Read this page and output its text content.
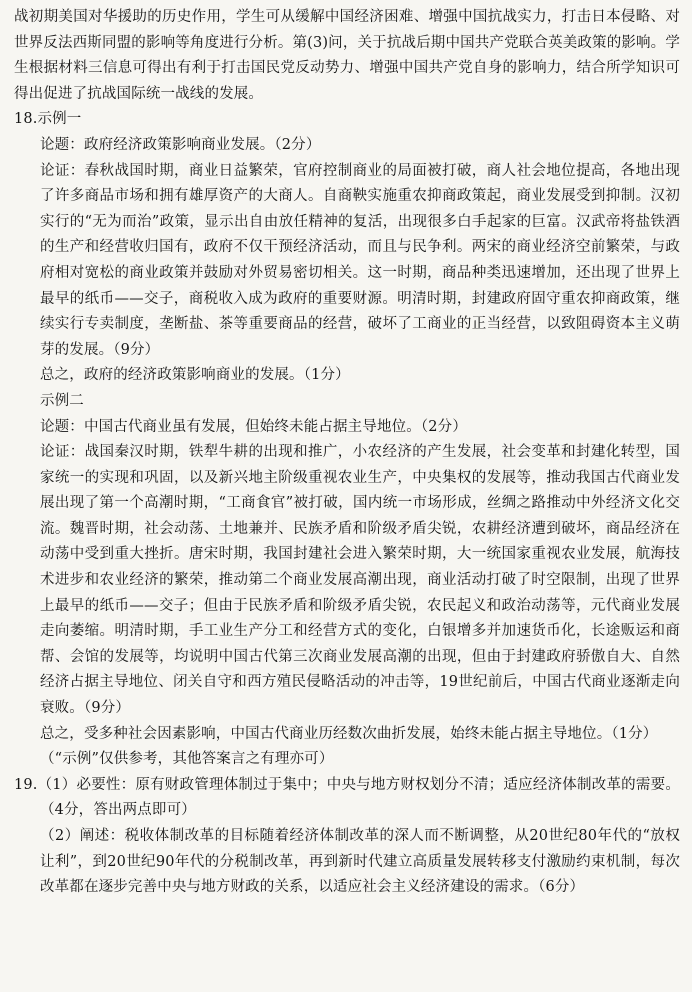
战初期美国对华援助的历史作用，学生可从缓解中国经济困难、增强中国抗战实力，打击日本侵略、对世界反法西斯同盟的影响等角度进行分析。第(3)问，关于抗战后期中国共产党联合英美政策的影响。学生根据材料三信息可得出有利于打击国民党反动势力、增强中国共产党自身的影响力，结合所学知识可得出促进了抗战国际统一战线的发展。

18.示例一

论题：政府经济政策影响商业发展。（2分）

论证：春秋战国时期，商业日益繁荣，官府控制商业的局面被打破，商人社会地位提高，各地出现了许多商品市场和拥有雄厚资产的大商人。自商鞅实施重农抑商政策起，商业发展受到抑制。汉初实行的“无为而治”政策，显示出自由放任精神的复活，出现很多白手起家的巨富。汉武帝将盐铁酒的生产和经营收归国有，政府不仅干预经济活动，而且与民争利。两宋的商业经济空前繁荣，与政府相对宽松的商业政策并鼓励对外贸易密切相关。这一时期，商品种类迅速增加，还出现了世界上最早的纸币——交子，商税收入成为政府的重要财源。明清时期，封建政府固守重农抑商政策，继续实行专卖制度，垄断盐、茶等重要商品的经营，破坏了工商业的正当经营，以致阻碍资本主义萌芽的发展。（9分）

总之，政府的经济政策影响商业的发展。（1分）

示例二

论题：中国古代商业虽有发展，但始终未能占据主导地位。（2分）

论证：战国秦汉时期，铁犁牛耕的出现和推广，小农经济的产生发展，社会变革和封建化转型，国家统一的实现和巩固，以及新兴地主阶级重视农业生产，中央集权的发展等，推动我国古代商业发展出现了第一个高潮时期，“工商食官”被打破，国内统一市场形成，丝绸之路推动中外经济文化交流。魏晋时期，社会动荡、土地兼并、民族矛盾和阶级矛盾尖锐，农耕经济遭到破坏，商品经济在动荡中受到重大挫折。唐宋时期，我国封建社会进入繁荣时期，大一统国家重视农业发展，航海技术进步和农业经济的繁荣，推动第二个商业发展高潮出现，商业活动打破了时空限制，出现了世界上最早的纸币——交子；但由于民族矛盾和阶级矛盾尖锐，农民起义和政治动荡等，元代商业发展走向萎缩。明清时期，手工业生产分工和经营方式的变化，白银增多并加速货币化，长途贩运和商帮、会馆的发展等，均说明中国古代第三次商业发展高潮的出现，但由于封建政府骄傲自大、自然经济占据主导地位、闭关自守和西方殖民侵略活动的冲击等，19世纪前后，中国古代商业逐渐走向衰败。（9分）

总之，受多种社会因素影响，中国古代商业历经数次曲折发展，始终未能占据主导地位。（1分）

（“示例”仅供参考，其他答案言之有理亦可）

19.（1）必要性：原有财政管理体制过于集中；中央与地方财权划分不清；适应经济体制改革的需要。（4分，答出两点即可）

（2）阐述：税收体制改革的目标随着经济体制改革的深人而不断调整，从20世纪80年代的“放权让利”，到20世纪90年代的分税制改革，再到新时代建立高质量发展转移支付激励约束机制，每次改革都在逐步完善中央与地方财政的关系，以适应社会主义经济建设的需求。（6分）
